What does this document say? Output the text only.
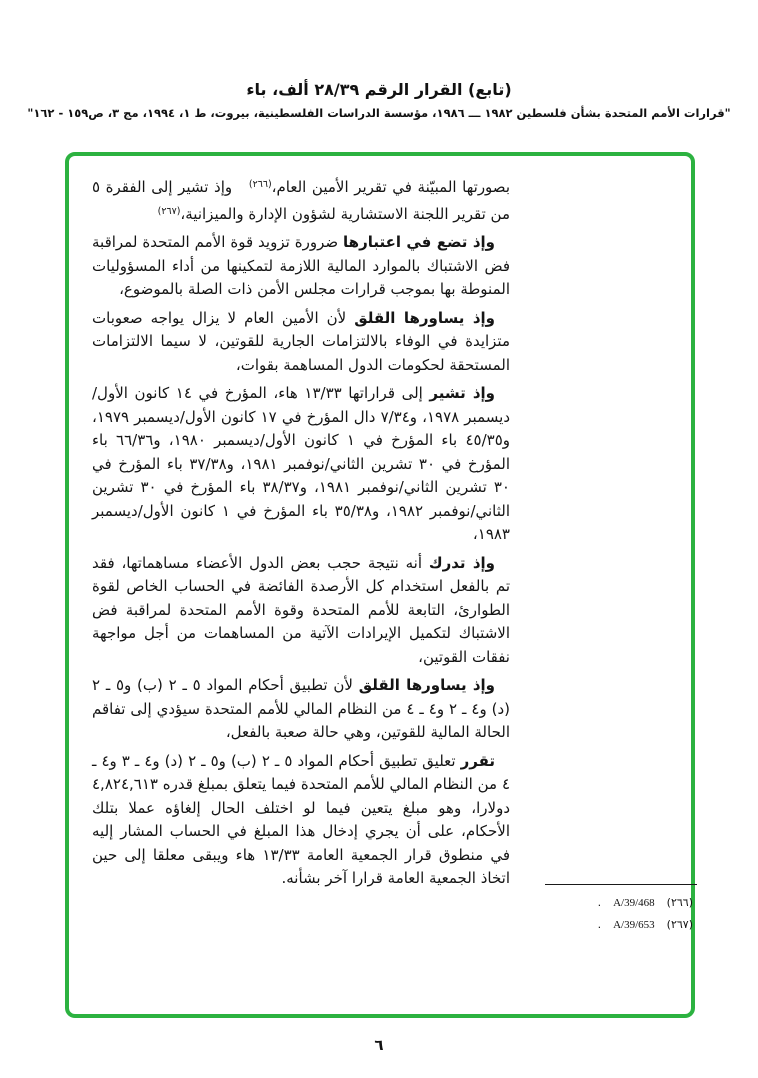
(تابع) القرار الرقم ٢٨/٣٩ ألف، باء
"قرارات الأمم المتحدة بشأن فلسطين ١٩٨٢ ـــ ١٩٨٦، مؤسسة الدراسات الفلسطينية، بيروت، ط ١، ١٩٩٤، مج ٣، ص١٥٩ - ١٦٢"
بصورتها المبيّنة في تقرير الأمين العام،$^{(٢٦٦)}$   وإذ تشير إلى الفقرة ٥ من تقرير اللجنة الاستشارية لشؤون الإدارة والميزانية،$^{(٢٦٧)}$
وإذ تضع في اعتبارها ضرورة تزويد قوة الأمم المتحدة لمراقبة فض الاشتباك بالموارد المالية اللازمة لتمكينها من أداء المسؤوليات المنوطة بها بموجب قرارات مجلس الأمن ذات الصلة بالموضوع،
وإذ يساورها القلق لأن الأمين العام لا يزال يواجه صعوبات متزايدة في الوفاء بالالتزامات الجارية للقوتين، لا سيما الالتزامات المستحقة لحكومات الدول المساهمة بقوات،
وإذ تشير إلى قراراتها ١٣/٣٣ هاء، المؤرخ في ١٤ كانون الأول/ ديسمبر ١٩٧٨، و٧/٣٤ دال المؤرخ في ١٧ كانون الأول/ديسمبر ١٩٧٩، و٤٥/٣٥ باء المؤرخ في ١ كانون الأول/ديسمبر ١٩٨٠، و٦٦/٣٦ باء المؤرخ في ٣٠ تشرين الثاني/نوفمبر ١٩٨١، و٣٧/٣٨ باء المؤرخ في ٣٠ تشرين الثاني/نوفمبر ١٩٨١، و٣٨/٣٧ باء المؤرخ في ٣٠ تشرين الثاني/نوفمبر ١٩٨٢، و٣٥/٣٨ باء المؤرخ في ١ كانون الأول/ديسمبر ١٩٨٣،
وإذ تدرك أنه نتيجة حجب بعض الدول الأعضاء مساهماتها، فقد تم بالفعل استخدام كل الأرصدة الفائضة في الحساب الخاص لقوة الطوارئ، التابعة للأمم المتحدة وقوة الأمم المتحدة لمراقبة فض الاشتباك لتكميل الإيرادات الآتية من المساهمات من أجل مواجهة نفقات القوتين،
وإذ يساورها القلق لأن تطبيق أحكام المواد ٥ ـ ٢ (ب) و٥ ـ ٢ (د) و٤ ـ ٢ و٤ ـ ٤ من النظام المالي للأمم المتحدة سيؤدي إلى تفاقم الحالة المالية للقوتين، وهي حالة صعبة بالفعل،
تقرر تعليق تطبيق أحكام المواد ٥ ـ ٢ (ب) و٥ ـ ٢ (د) و٤ ـ ٣ و٤ ـ ٤ من النظام المالي للأمم المتحدة فيما يتعلق بمبلغ قدره ٤,٨٢٤,٦١٣ دولارا، وهو مبلغ يتعين فيما لو اختلف الحال إلغاؤه عملا بتلك الأحكام، على أن يجري إدخال هذا المبلغ في الحساب المشار إليه في منطوق قرار الجمعية العامة ١٣/٣٣ هاء ويبقى معلقا إلى حين اتخاذ الجمعية العامة قرارا آخر بشأنه.
(٢٦٦)
A/39/468
.
(٢٦٧)
A/39/653
.
٦
